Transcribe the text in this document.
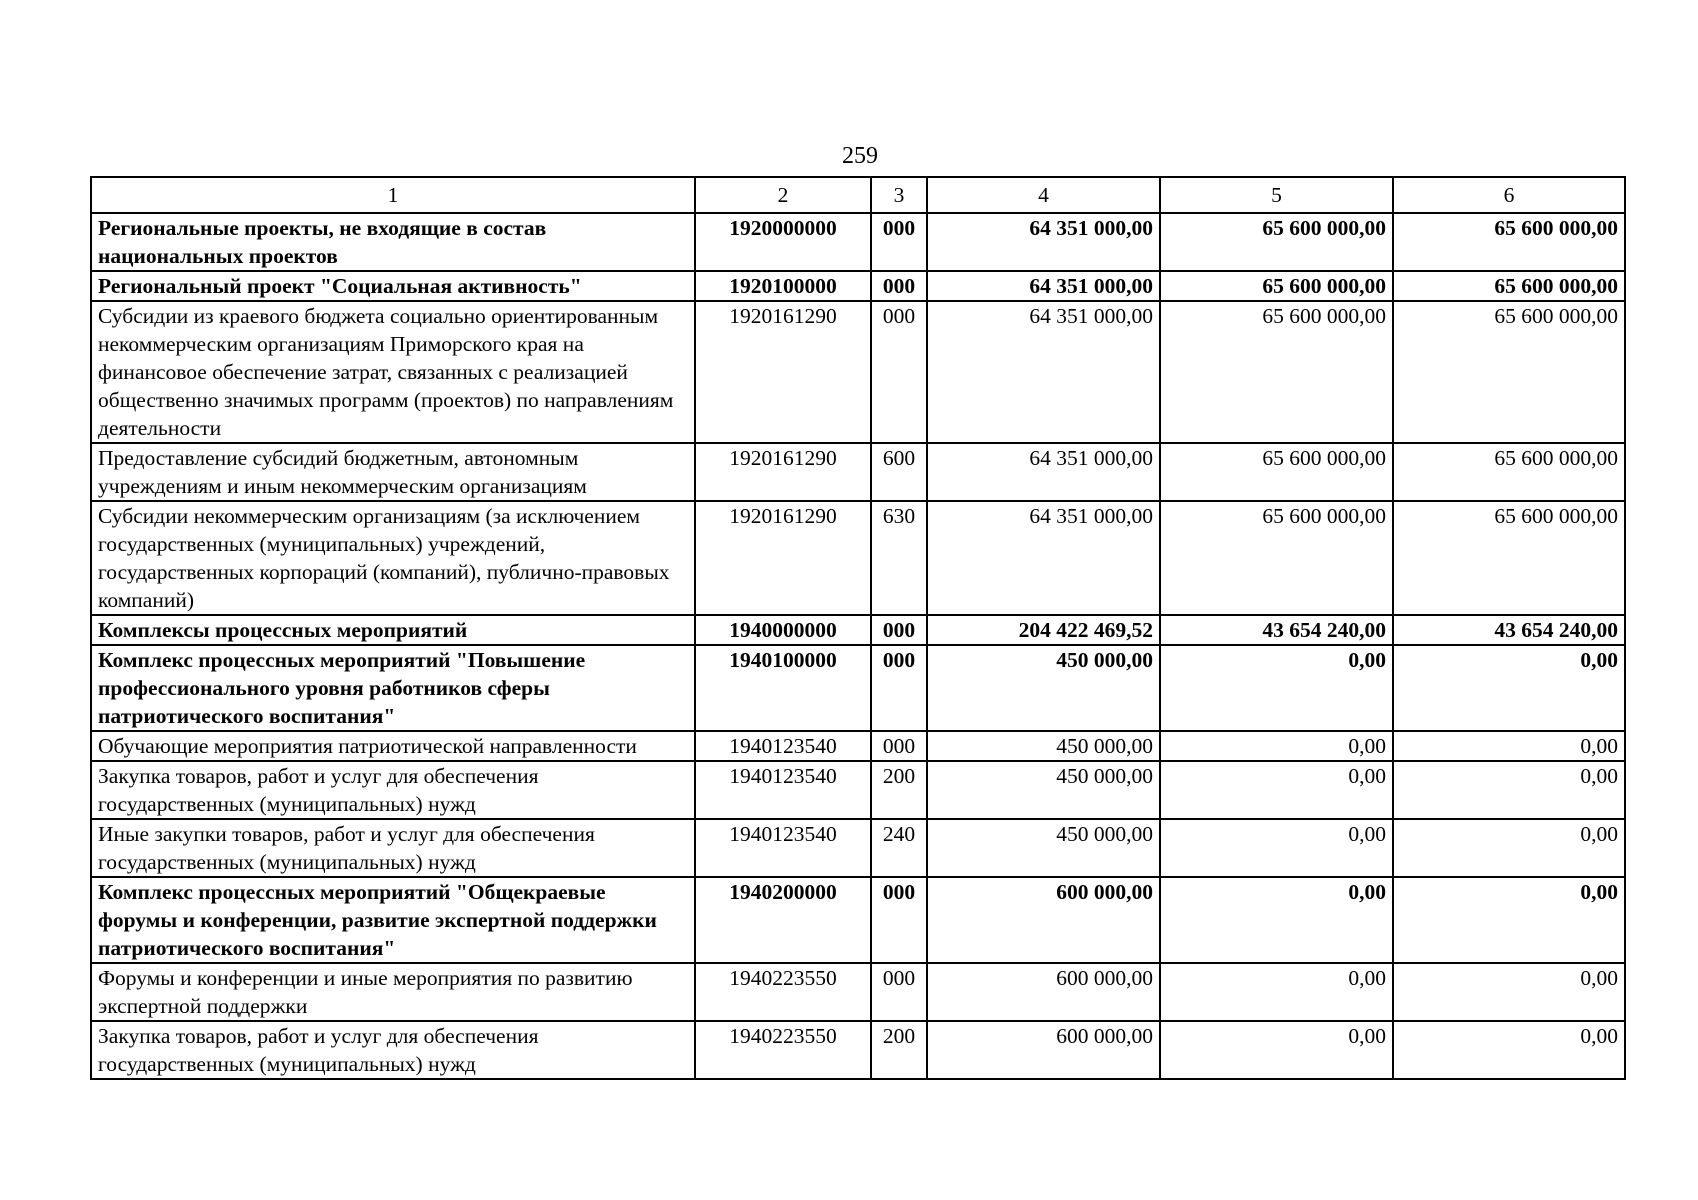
259
1	2	3	4	5	6
Региональные проекты, не входящие в состав национальных проектов	1920000000	000	64 351 000,00	65 600 000,00	65 600 000,00
Региональный проект "Социальная активность"	1920100000	000	64 351 000,00	65 600 000,00	65 600 000,00
Субсидии из краевого бюджета социально ориентированным некоммерческим организациям Приморского края на финансовое обеспечение затрат, связанных с реализацией общественно значимых программ (проектов) по направлениям деятельности	1920161290	000	64 351 000,00	65 600 000,00	65 600 000,00
Предоставление субсидий бюджетным, автономным учреждениям и иным некоммерческим организациям	1920161290	600	64 351 000,00	65 600 000,00	65 600 000,00
Субсидии некоммерческим организациям (за исключением государственных (муниципальных) учреждений, государственных корпораций (компаний), публично-правовых компаний)	1920161290	630	64 351 000,00	65 600 000,00	65 600 000,00
Комплексы процессных мероприятий	1940000000	000	204 422 469,52	43 654 240,00	43 654 240,00
Комплекс процессных мероприятий "Повышение профессионального уровня работников сферы патриотического воспитания"	1940100000	000	450 000,00	0,00	0,00
Обучающие мероприятия патриотической направленности	1940123540	000	450 000,00	0,00	0,00
Закупка товаров, работ и услуг для обеспечения государственных (муниципальных) нужд	1940123540	200	450 000,00	0,00	0,00
Иные закупки товаров, работ и услуг для обеспечения государственных (муниципальных) нужд	1940123540	240	450 000,00	0,00	0,00
Комплекс процессных мероприятий "Общекраевые форумы и конференции, развитие экспертной поддержки патриотического воспитания"	1940200000	000	600 000,00	0,00	0,00
Форумы и конференции и иные мероприятия по развитию экспертной поддержки	1940223550	000	600 000,00	0,00	0,00
Закупка товаров, работ и услуг для обеспечения государственных (муниципальных) нужд	1940223550	200	600 000,00	0,00	0,00
